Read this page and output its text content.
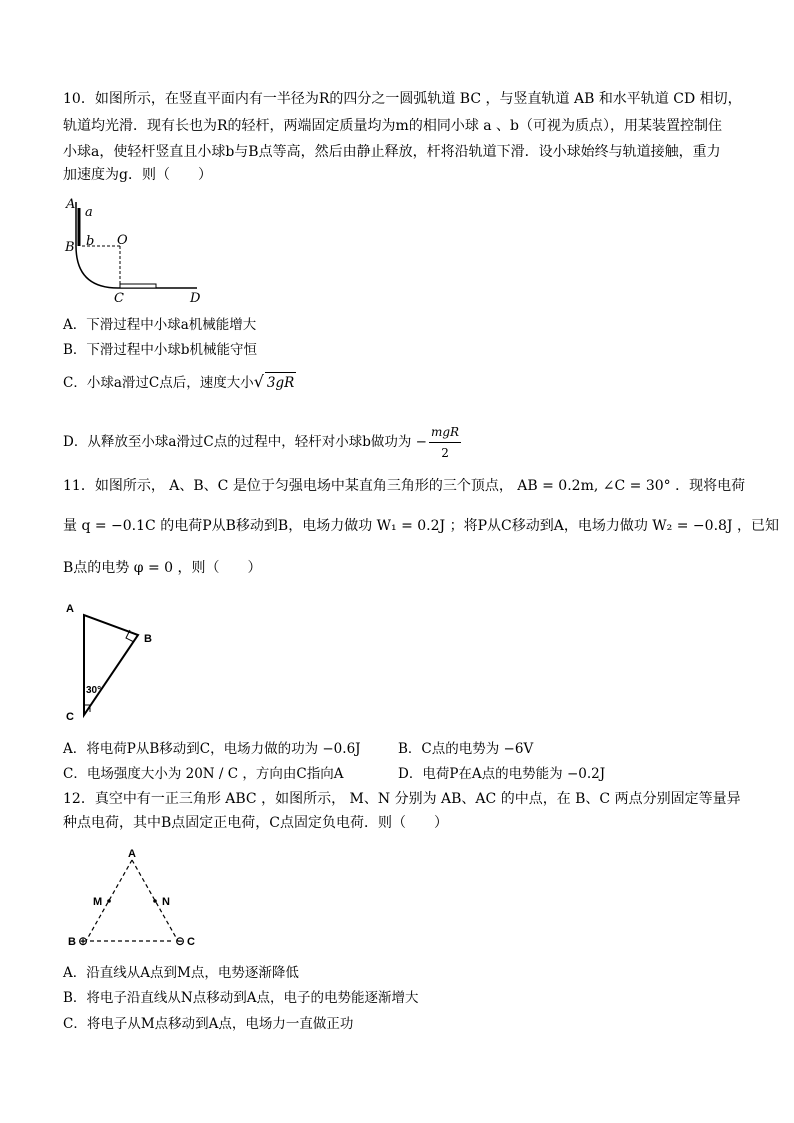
10．如图所示，在竖直平面内有一半径为R的四分之一圆弧轨道 BC ，与竖直轨道 AB 和水平轨道 CD 相切，
轨道均光滑．现有长也为R的轻杆，两端固定质量均为m的相同小球 a 、b（可视为质点），用某装置控制住
小球a，使轻杆竖直且小球b与B点等高，然后由静止释放，杆将沿轨道下滑．设小球始终与轨道接触，重力
加速度为g．则（　　）
A
a
B b O
C	D
A．下滑过程中小球a机械能增大
B．下滑过程中小球b机械能守恒
C．小球a滑过C点后，速度大小√ 3gR
D．从释放至小球a滑过C点的过程中，轻杆对小球b做功为 − $\frac{\text{mgR}}{2}$
11．如图所示， A、B、C 是位于匀强电场中某直角三角形的三个顶点， AB = 0.2m, ∠C = 30° ．现将电荷
量 q = −0.1C 的电荷P从B移动到B，电场力做功 W₁ = 0.2J ；将P从C移动到A，电场力做功 W₂ = −0.8J ，已知
B点的电势 φ = 0 ，则（　　）
A
B
C
30°
A．将电荷P从B移动到C，电场力做的功为 −0.6J	B．C点的电势为 −6V
C．电场强度大小为 20N / C ，方向由C指向A	D．电荷P在A点的电势能为 −0.2J
12．真空中有一正三角形 ABC ，如图所示， M、N 分别为 AB、AC 的中点，在 B、C 两点分别固定等量异
种点电荷，其中B点固定正电荷，C点固定负电荷．则（　　）
A
M	N
B ⊕	⊖ C
A．沿直线从A点到M点，电势逐渐降低
B．将电子沿直线从N点移动到A点，电子的电势能逐渐增大
C．将电子从M点移动到A点，电场力一直做正功
